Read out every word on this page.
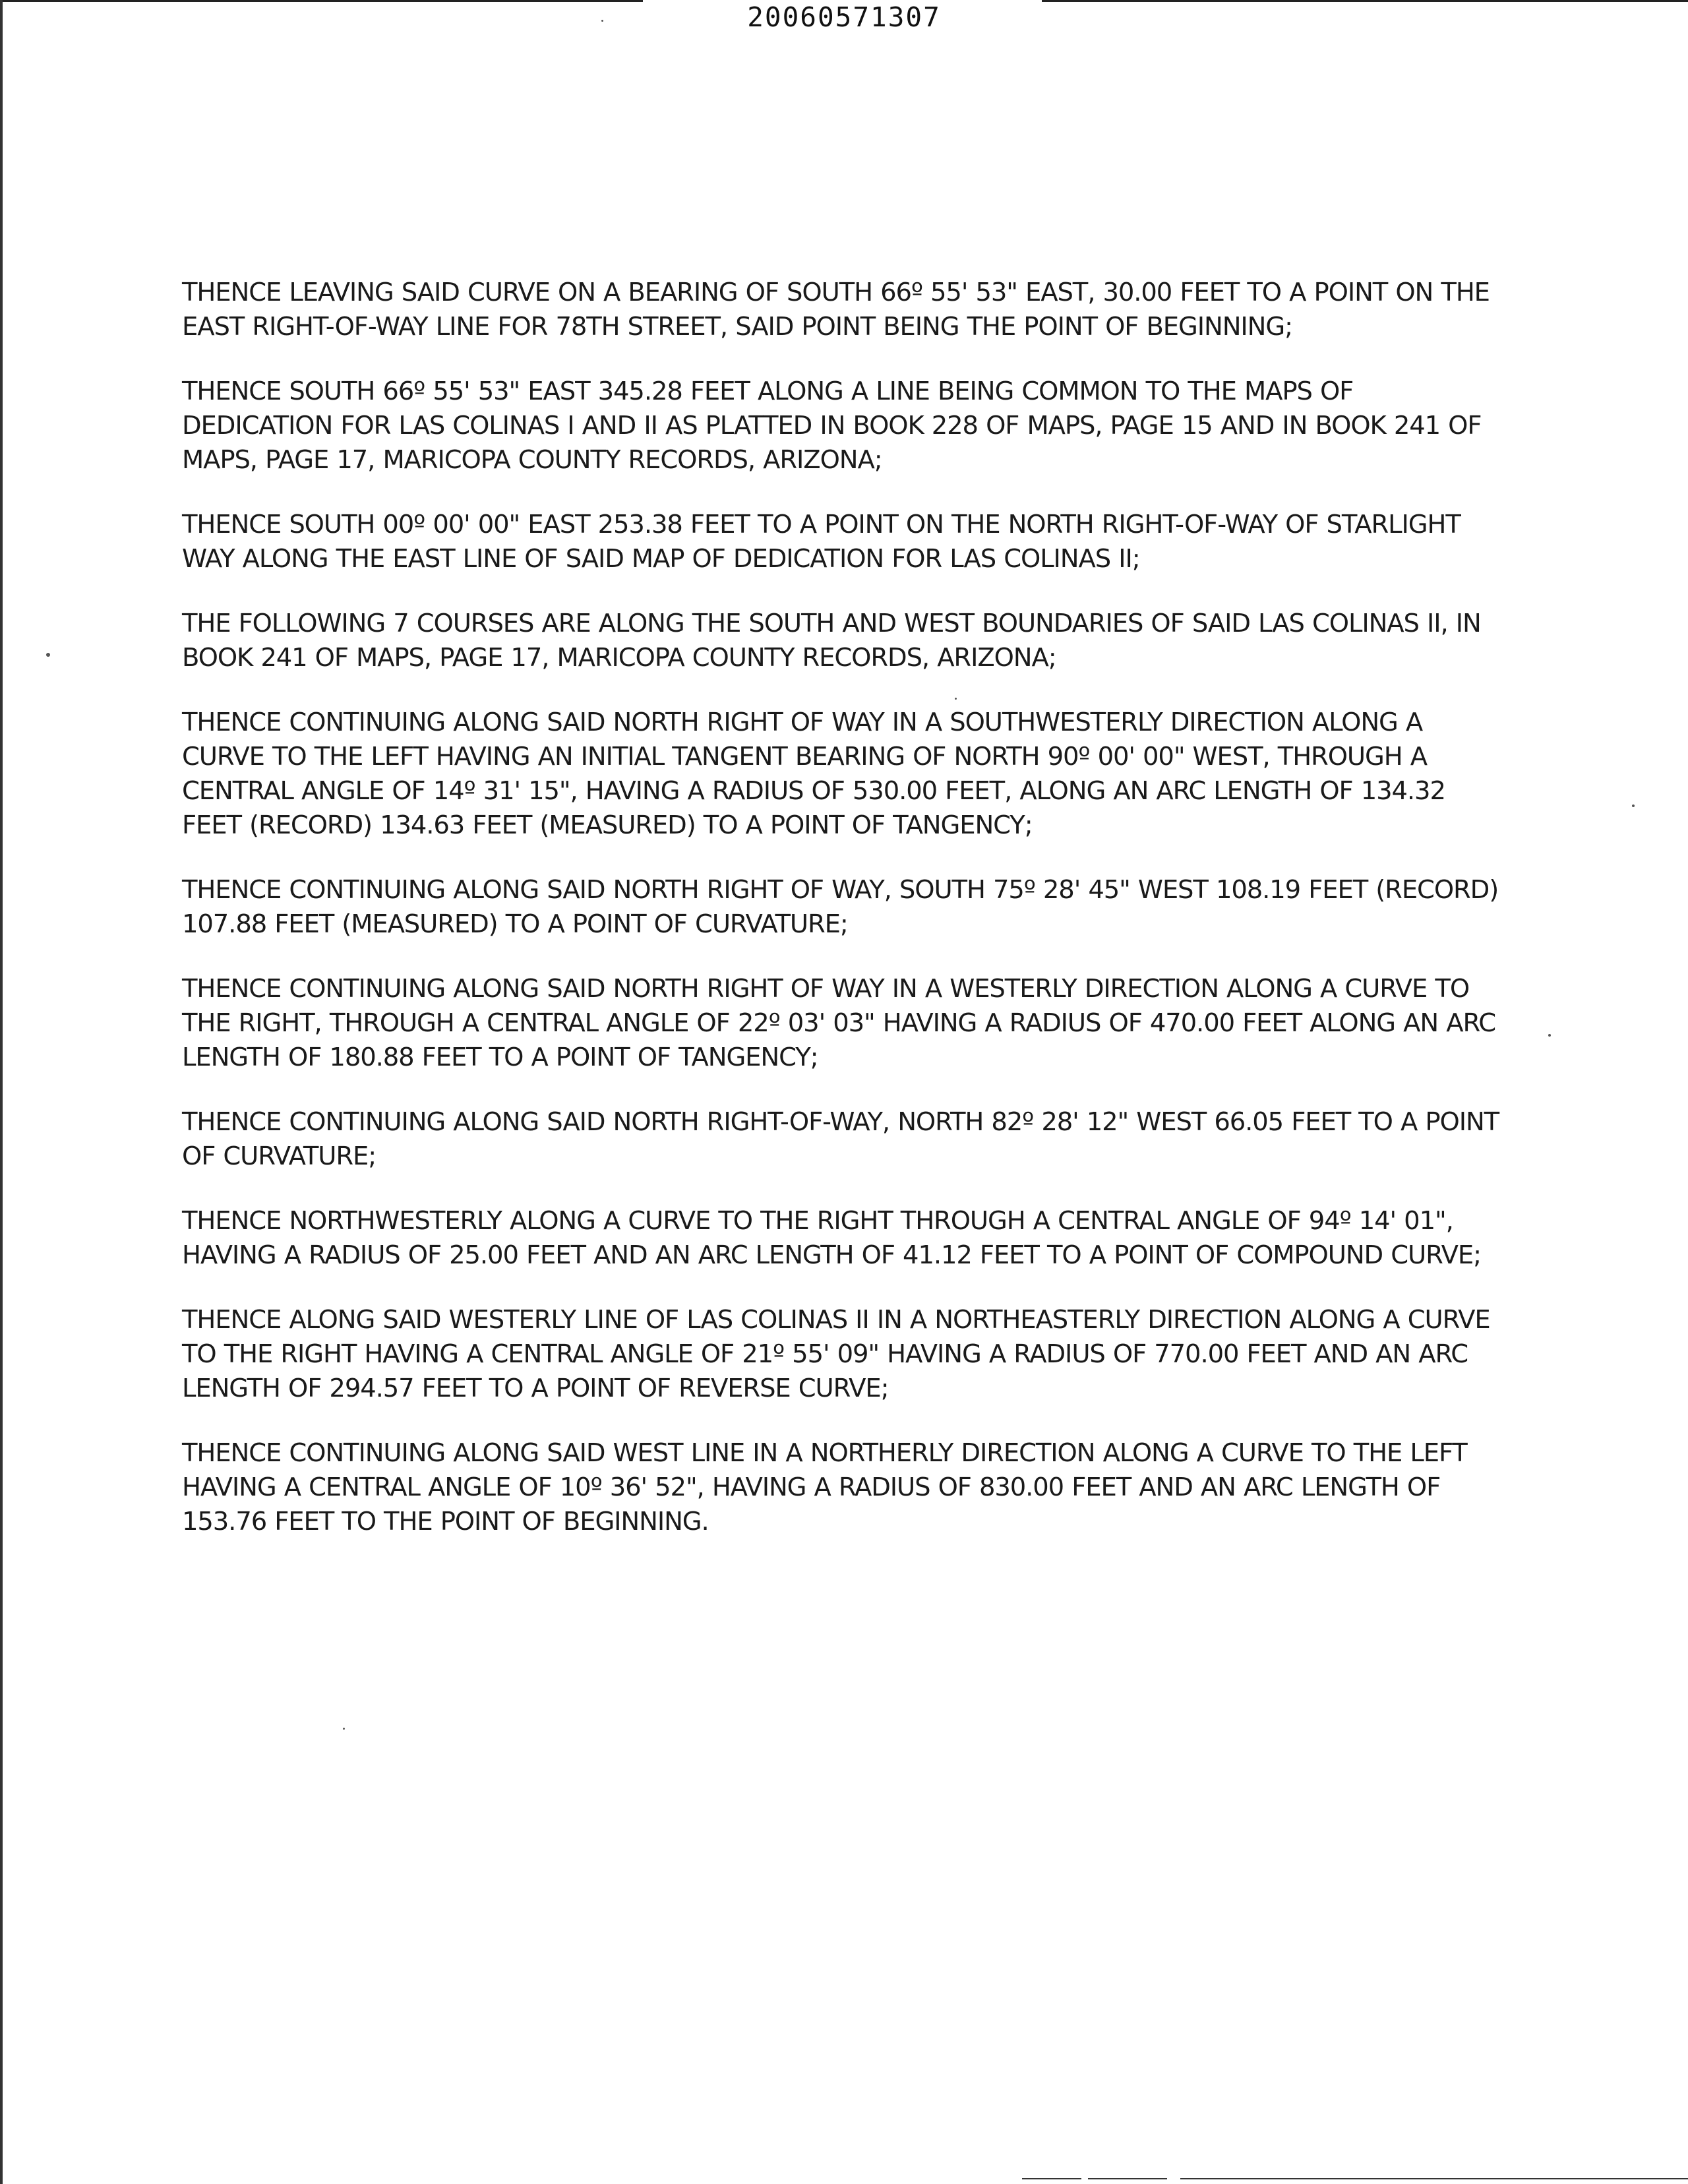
20060571307

THENCE LEAVING SAID CURVE ON A BEARING OF SOUTH 66º 55' 53" EAST, 30.00 FEET TO A POINT ON THE EAST RIGHT-OF-WAY LINE FOR 78TH STREET, SAID POINT BEING THE POINT OF BEGINNING;

THENCE SOUTH 66º 55' 53" EAST 345.28 FEET ALONG A LINE BEING COMMON TO THE MAPS OF DEDICATION FOR LAS COLINAS I AND II AS PLATTED IN BOOK 228 OF MAPS, PAGE 15 AND IN BOOK 241 OF MAPS, PAGE 17, MARICOPA COUNTY RECORDS, ARIZONA;

THENCE SOUTH 00º 00' 00" EAST 253.38 FEET TO A POINT ON THE NORTH RIGHT-OF-WAY OF STARLIGHT WAY ALONG THE EAST LINE OF SAID MAP OF DEDICATION FOR LAS COLINAS II;

THE FOLLOWING 7 COURSES ARE ALONG THE SOUTH AND WEST BOUNDARIES OF SAID LAS COLINAS II, IN BOOK 241 OF MAPS, PAGE 17, MARICOPA COUNTY RECORDS, ARIZONA;

THENCE CONTINUING ALONG SAID NORTH RIGHT OF WAY IN A SOUTHWESTERLY DIRECTION ALONG A CURVE TO THE LEFT HAVING AN INITIAL TANGENT BEARING OF NORTH 90º 00' 00" WEST, THROUGH A CENTRAL ANGLE OF 14º 31' 15", HAVING A RADIUS OF 530.00 FEET, ALONG AN ARC LENGTH OF 134.32 FEET (RECORD) 134.63 FEET (MEASURED) TO A POINT OF TANGENCY;

THENCE CONTINUING ALONG SAID NORTH RIGHT OF WAY, SOUTH 75º 28' 45" WEST 108.19 FEET (RECORD) 107.88 FEET (MEASURED) TO A POINT OF CURVATURE;

THENCE CONTINUING ALONG SAID NORTH RIGHT OF WAY IN A WESTERLY DIRECTION ALONG A CURVE TO THE RIGHT, THROUGH A CENTRAL ANGLE OF 22º 03' 03" HAVING A RADIUS OF 470.00 FEET ALONG AN ARC LENGTH OF 180.88 FEET TO A POINT OF TANGENCY;

THENCE CONTINUING ALONG SAID NORTH RIGHT-OF-WAY, NORTH 82º 28' 12" WEST 66.05 FEET TO A POINT OF CURVATURE;

THENCE NORTHWESTERLY ALONG A CURVE TO THE RIGHT THROUGH A CENTRAL ANGLE OF 94º 14' 01", HAVING A RADIUS OF 25.00 FEET AND AN ARC LENGTH OF 41.12 FEET TO A POINT OF COMPOUND CURVE;

THENCE ALONG SAID WESTERLY LINE OF LAS COLINAS II IN A NORTHEASTERLY DIRECTION ALONG A CURVE TO THE RIGHT HAVING A CENTRAL ANGLE OF 21º 55' 09" HAVING A RADIUS OF 770.00 FEET AND AN ARC LENGTH OF 294.57 FEET TO A POINT OF REVERSE CURVE;

THENCE CONTINUING ALONG SAID WEST LINE IN A NORTHERLY DIRECTION ALONG A CURVE TO THE LEFT HAVING A CENTRAL ANGLE OF 10º 36' 52", HAVING A RADIUS OF 830.00 FEET AND AN ARC LENGTH OF 153.76 FEET TO THE POINT OF BEGINNING.
